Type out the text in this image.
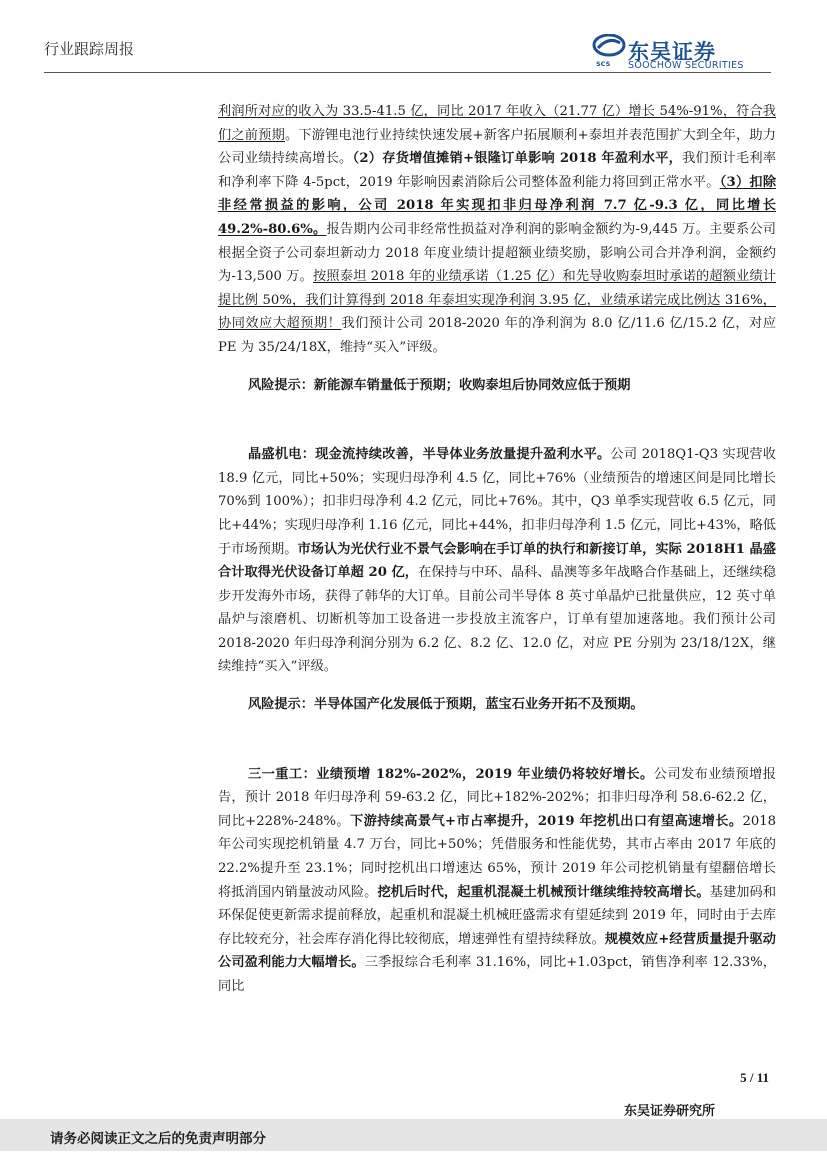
行业跟踪周报
SCS 东吴证券
SOOCHOW SECURITIES

利润所对应的收入为 33.5-41.5 亿，同比 2017 年收入（21.77 亿）增长 54%-91%，符合我们之前预期。下游锂电池行业持续快速发展+新客户拓展顺利+泰坦并表范围扩大到全年，助力公司业绩持续高增长。（2）存货增值摊销+银隆订单影响 2018 年盈利水平，我们预计毛利率和净利率下降 4-5pct，2019 年影响因素消除后公司整体盈利能力将回到正常水平。（3）扣除非经常损益的影响，公司 2018 年实现扣非归母净利润 7.7 亿-9.3 亿，同比增长 49.2%-80.6%。报告期内公司非经常性损益对净利润的影响金额约为-9,445 万。主要系公司根据全资子公司泰坦新动力 2018 年度业绩计提超额业绩奖励，影响公司合并净利润，金额约为-13,500 万。按照泰坦 2018 年的业绩承诺（1.25 亿）和先导收购泰坦时承诺的超额业绩计提比例 50%，我们计算得到 2018 年泰坦实现净利润 3.95 亿，业绩承诺完成比例达 316%，协同效应大超预期！我们预计公司 2018-2020 年的净利润为 8.0 亿/11.6 亿/15.2 亿，对应 PE 为 35/24/18X，维持“买入”评级。

风险提示：新能源车销量低于预期；收购泰坦后协同效应低于预期

晶盛机电：现金流持续改善，半导体业务放量提升盈利水平。公司 2018Q1-Q3 实现营收 18.9 亿元，同比+50%；实现归母净利 4.5 亿，同比+76%（业绩预告的增速区间是同比增长 70%到 100%）；扣非归母净利 4.2 亿元，同比+76%。其中，Q3 单季实现营收 6.5 亿元，同比+44%；实现归母净利 1.16 亿元，同比+44%，扣非归母净利 1.5 亿元，同比+43%，略低于市场预期。市场认为光伏行业不景气会影响在手订单的执行和新接订单，实际 2018H1 晶盛合计取得光伏设备订单超 20 亿，在保持与中环、晶科、晶澳等多年战略合作基础上，还继续稳步开发海外市场，获得了韩华的大订单。目前公司半导体 8 英寸单晶炉已批量供应，12 英寸单晶炉与滚磨机、切断机等加工设备进一步投放主流客户，订单有望加速落地。我们预计公司 2018-2020 年归母净利润分别为 6.2 亿、8.2 亿、12.0 亿，对应 PE 分别为 23/18/12X，继续维持“买入”评级。

风险提示：半导体国产化发展低于预期，蓝宝石业务开拓不及预期。

三一重工：业绩预增 182%-202%，2019 年业绩仍将较好增长。公司发布业绩预增报告，预计 2018 年归母净利 59-63.2 亿，同比+182%-202%；扣非归母净利 58.6-62.2 亿，同比+228%-248%。下游持续高景气+市占率提升，2019 年挖机出口有望高速增长。2018 年公司实现挖机销量 4.7 万台，同比+50%；凭借服务和性能优势，其市占率由 2017 年底的 22.2%提升至 23.1%；同时挖机出口增速达 65%，预计 2019 年公司挖机销量有望翻倍增长将抵消国内销量波动风险。挖机后时代，起重机混凝土机械预计继续维持较高增长。基建加码和环保促使更新需求提前释放，起重机和混凝土机械旺盛需求有望延续到 2019 年，同时由于去库存比较充分，社会库存消化得比较彻底，增速弹性有望持续释放。规模效应+经营质量提升驱动公司盈利能力大幅增长。三季报综合毛利率 31.16%，同比+1.03pct，销售净利率 12.33%，同比

5 / 11
东吴证券研究所
请务必阅读正文之后的免责声明部分
